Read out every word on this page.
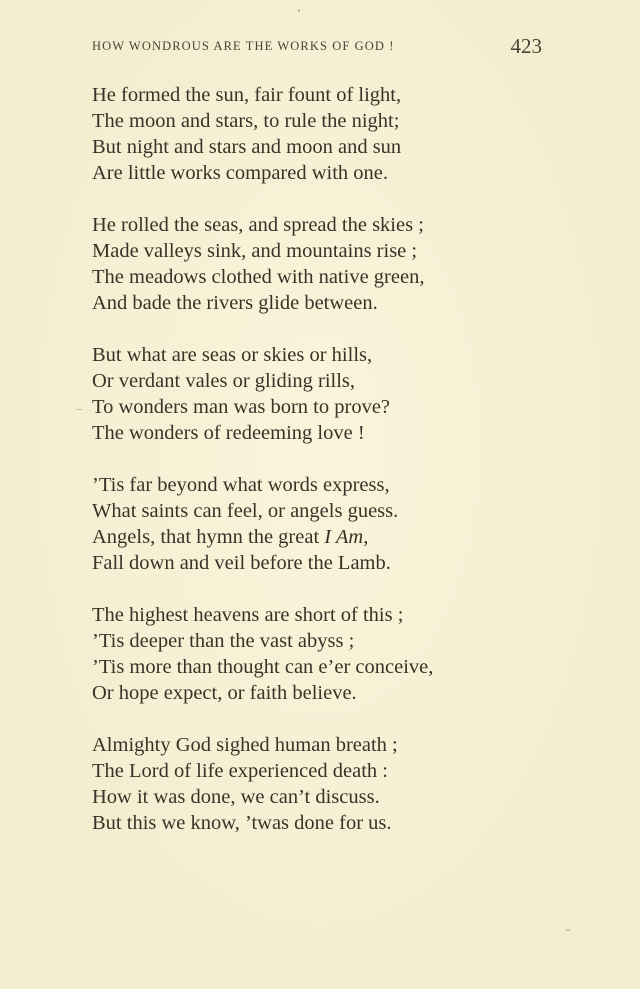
HOW WONDROUS ARE THE WORKS OF GOD !	423
He formed the sun, fair fount of light,
The moon and stars, to rule the night;
But night and stars and moon and sun
Are little works compared with one.
He rolled the seas, and spread the skies ;
Made valleys sink, and mountains rise ;
The meadows clothed with native green,
And bade the rivers glide between.
But what are seas or skies or hills,
Or verdant vales or gliding rills,
To wonders man was born to prove?
The wonders of redeeming love !
’Tis far beyond what words express,
What saints can feel, or angels guess.
Angels, that hymn the great I Am,
Fall down and veil before the Lamb.
The highest heavens are short of this ;
’Tis deeper than the vast abyss ;
’Tis more than thought can e’er conceive,
Or hope expect, or faith believe.
Almighty God sighed human breath ;
The Lord of life experienced death :
How it was done, we can’t discuss.
But this we know, ’twas done for us.
